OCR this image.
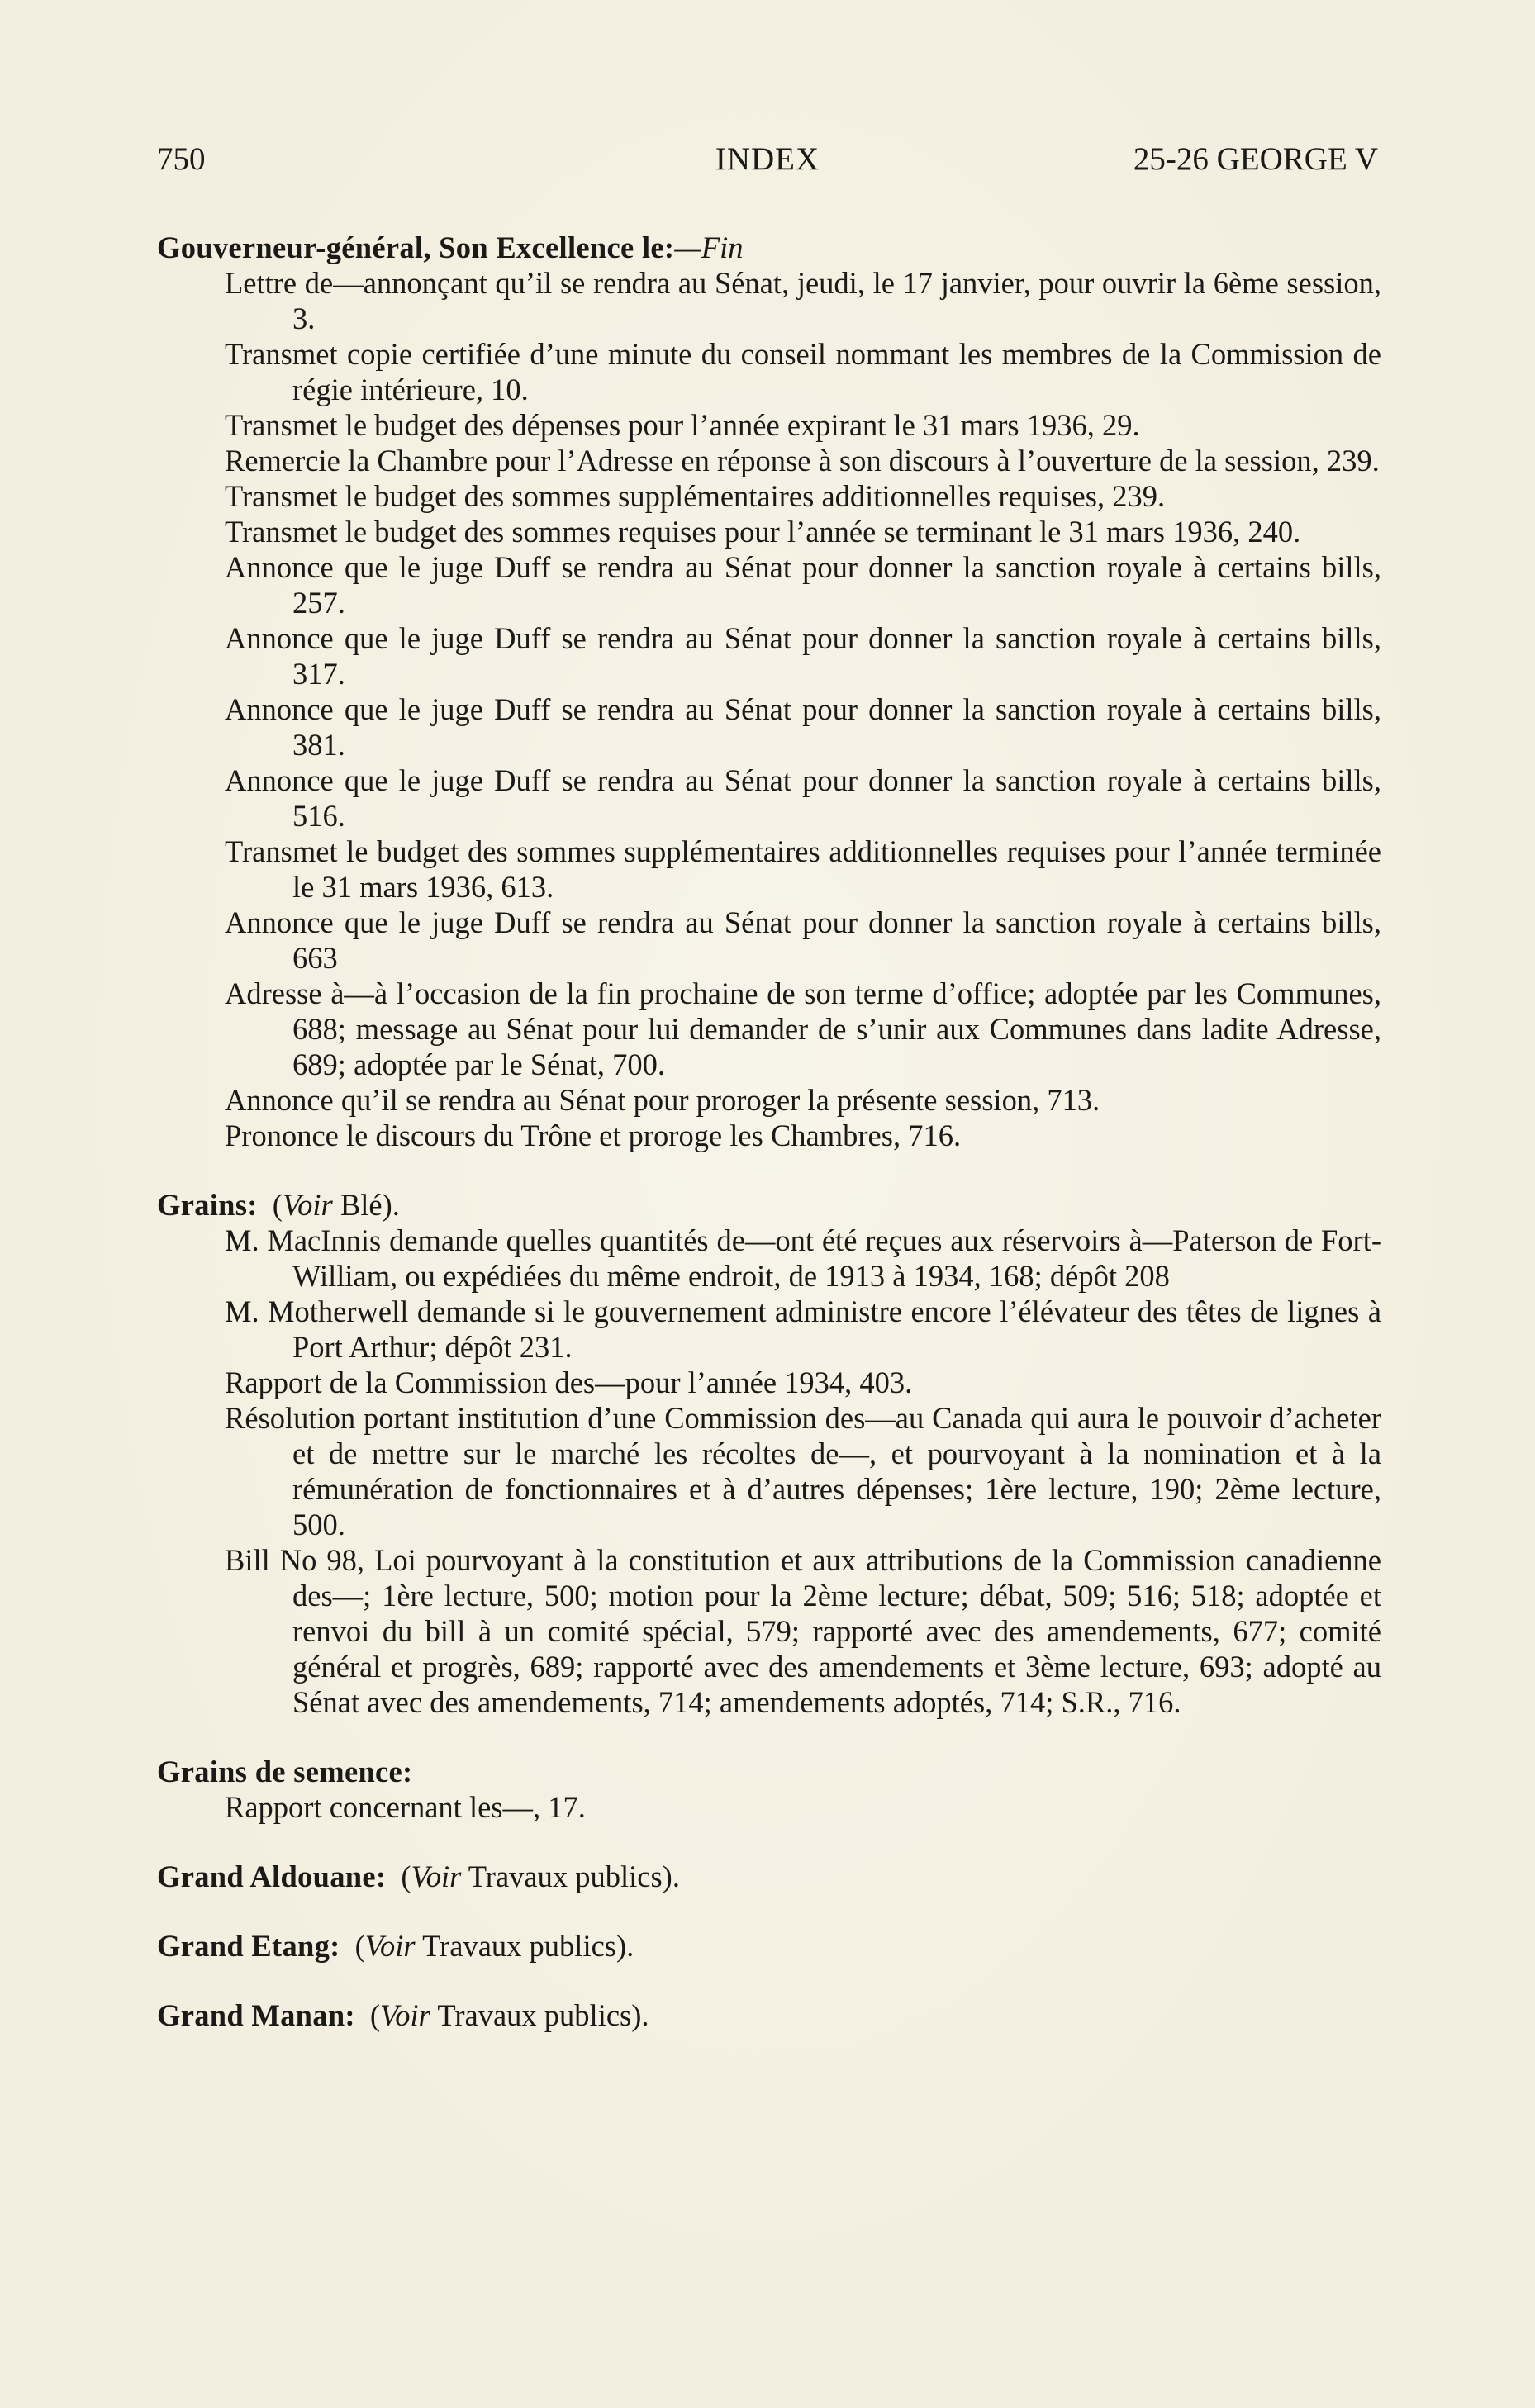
750	INDEX	25-26 GEORGE V

Gouverneur-général, Son Excellence le:—Fin

Lettre de—annonçant qu’il se rendra au Sénat, jeudi, le 17 janvier, pour ouvrir la 6ème session, 3.

Transmet copie certifiée d’une minute du conseil nommant les membres de la Commission de régie intérieure, 10.

Transmet le budget des dépenses pour l’année expirant le 31 mars 1936, 29.

Remercie la Chambre pour l’Adresse en réponse à son discours à l’ouverture de la session, 239.

Transmet le budget des sommes supplémentaires additionnelles requises, 239.

Transmet le budget des sommes requises pour l’année se terminant le 31 mars 1936, 240.

Annonce que le juge Duff se rendra au Sénat pour donner la sanction royale à certains bills, 257.

Annonce que le juge Duff se rendra au Sénat pour donner la sanction royale à certains bills, 317.

Annonce que le juge Duff se rendra au Sénat pour donner la sanction royale à certains bills, 381.

Annonce que le juge Duff se rendra au Sénat pour donner la sanction royale à certains bills, 516.

Transmet le budget des sommes supplémentaires additionnelles requises pour l’année terminée le 31 mars 1936, 613.

Annonce que le juge Duff se rendra au Sénat pour donner la sanction royale à certains bills, 663

Adresse à—à l’occasion de la fin prochaine de son terme d’office; adoptée par les Communes, 688; message au Sénat pour lui demander de s’unir aux Communes dans ladite Adresse, 689; adoptée par le Sénat, 700.

Annonce qu’il se rendra au Sénat pour proroger la présente session, 713.

Prononce le discours du Trône et proroge les Chambres, 716.

Grains: (Voir Blé).

M. MacInnis demande quelles quantités de—ont été reçues aux réservoirs à—Paterson de Fort-William, ou expédiées du même endroit, de 1913 à 1934, 168; dépôt 208

M. Motherwell demande si le gouvernement administre encore l’élévateur des têtes de lignes à Port Arthur; dépôt 231.

Rapport de la Commission des—pour l’année 1934, 403.

Résolution portant institution d’une Commission des—au Canada qui aura le pouvoir d’acheter et de mettre sur le marché les récoltes de—, et pourvoyant à la nomination et à la rémunération de fonctionnaires et à d’autres dépenses; 1ère lecture, 190; 2ème lecture, 500.

Bill No 98, Loi pourvoyant à la constitution et aux attributions de la Commission canadienne des—; 1ère lecture, 500; motion pour la 2ème lecture; débat, 509; 516; 518; adoptée et renvoi du bill à un comité spécial, 579; rapporté avec des amendements, 677; comité général et progrès, 689; rapporté avec des amendements et 3ème lecture, 693; adopté au Sénat avec des amendements, 714; amendements adoptés, 714; S.R., 716.

Grains de semence:

Rapport concernant les—, 17.

Grand Aldouane: (Voir Travaux publics).

Grand Etang: (Voir Travaux publics).

Grand Manan: (Voir Travaux publics).
